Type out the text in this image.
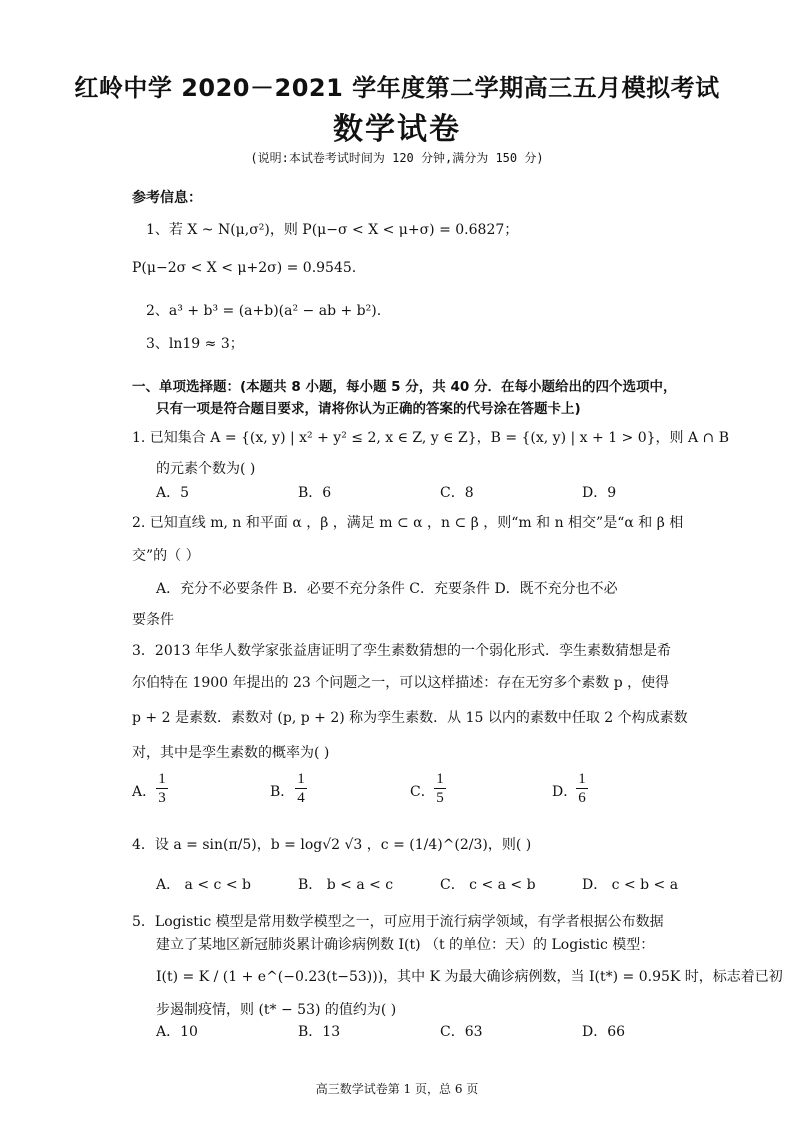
红岭中学 2020－2021 学年度第二学期高三五月模拟考试
数学试卷
(说明:本试卷考试时间为 120 分钟,满分为 150 分)
参考信息：
1、若 X ~ N(μ,σ²)，则 P(μ−σ < X < μ+σ) = 0.6827；
P(μ−2σ < X < μ+2σ) = 0.9545.
2、a³ + b³ = (a+b)(a² − ab + b²).
3、ln19 ≈ 3；
一、单项选择题：(本题共 8 小题，每小题 5 分，共 40 分．在每小题给出的四个选项中，
只有一项是符合题目要求，请将你认为正确的答案的代号涂在答题卡上)
1. 已知集合 A = {(x, y) | x² + y² ≤ 2, x ∈ Z, y ∈ Z}，B = {(x, y) | x + 1 > 0}，则 A ∩ B
的元素个数为( )
A．5	B．6	C．8	D．9
2. 已知直线 m, n 和平面 α ，β ，满足 m ⊂ α ，n ⊂ β ，则“m 和 n 相交”是“α 和 β 相
交”的（ ）
A．充分不必要条件 B．必要不充分条件 C．充要条件 D．既不充分也不必
要条件
3．2013 年华人数学家张益唐证明了孪生素数猜想的一个弱化形式．孪生素数猜想是希
尔伯特在 1900 年提出的 23 个问题之一，可以这样描述：存在无穷多个素数 p ，使得
p + 2 是素数．素数对 (p, p + 2) 称为孪生素数．从 15 以内的素数中任取 2 个构成素数
对，其中是孪生素数的概率为( )
A．
1
3	B．
1
4	C．
1
5	D．
1
6
4．设 a = sin(π/5)，b = log√2 √3 ，c = (1/4)^(2/3)，则( )
A． a < c < b	B． b < a < c	C． c < a < b	D． c < b < a
5．Logistic 模型是常用数学模型之一，可应用于流行病学领域，有学者根据公布数据
建立了某地区新冠肺炎累计确诊病例数 I(t) （t 的单位：天）的 Logistic 模型：
I(t) = K / (1 + e^(−0.23(t−53)))，其中 K 为最大确诊病例数，当 I(t*) = 0.95K 时，标志着已初
步遏制疫情，则 (t* − 53) 的值约为( )
A．10	B．13	C．63	D．66
高三数学试卷第 1 页，总 6 页
